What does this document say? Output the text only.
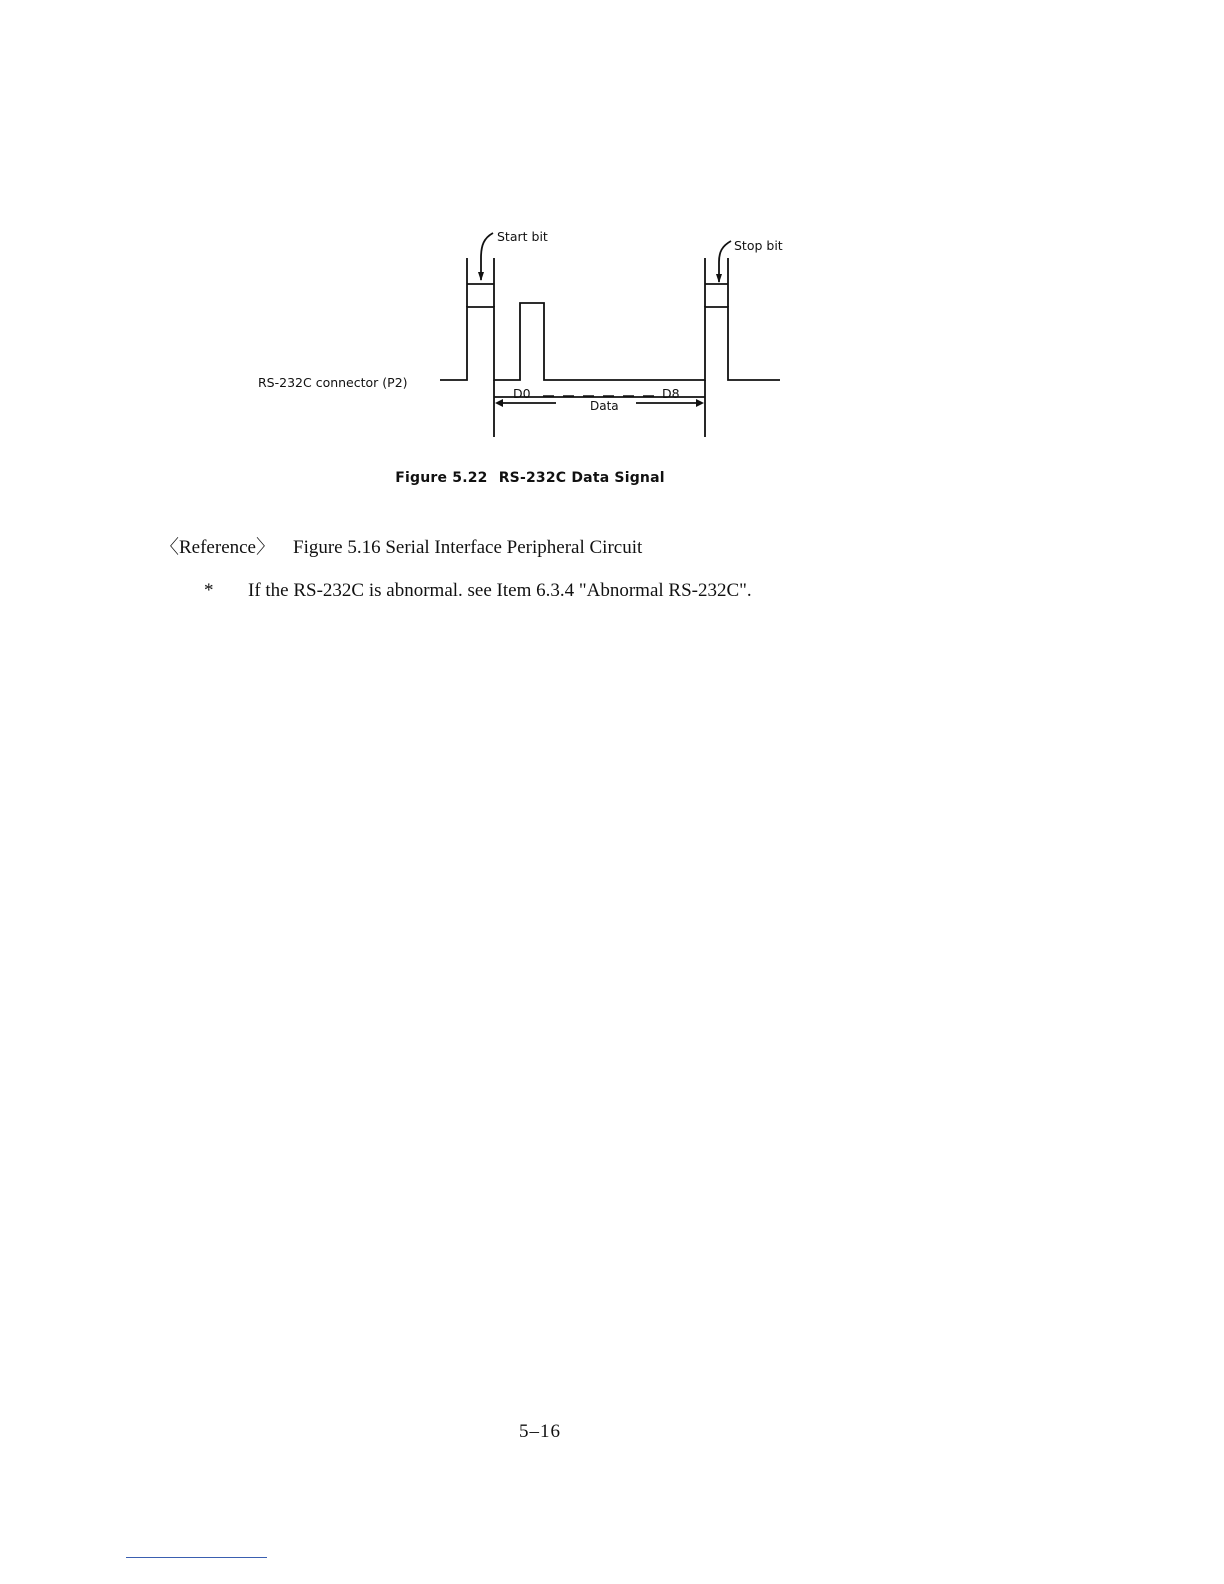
Start bit
Stop bit
RS-232C connector (P2)
D0	D8
Data
Figure 5.22 RS-232C Data Signal
〈Reference〉 Figure 5.16 Serial Interface Peripheral Circuit
* If the RS-232C is abnormal. see Item 6.3.4 "Abnormal RS-232C".
5–16
